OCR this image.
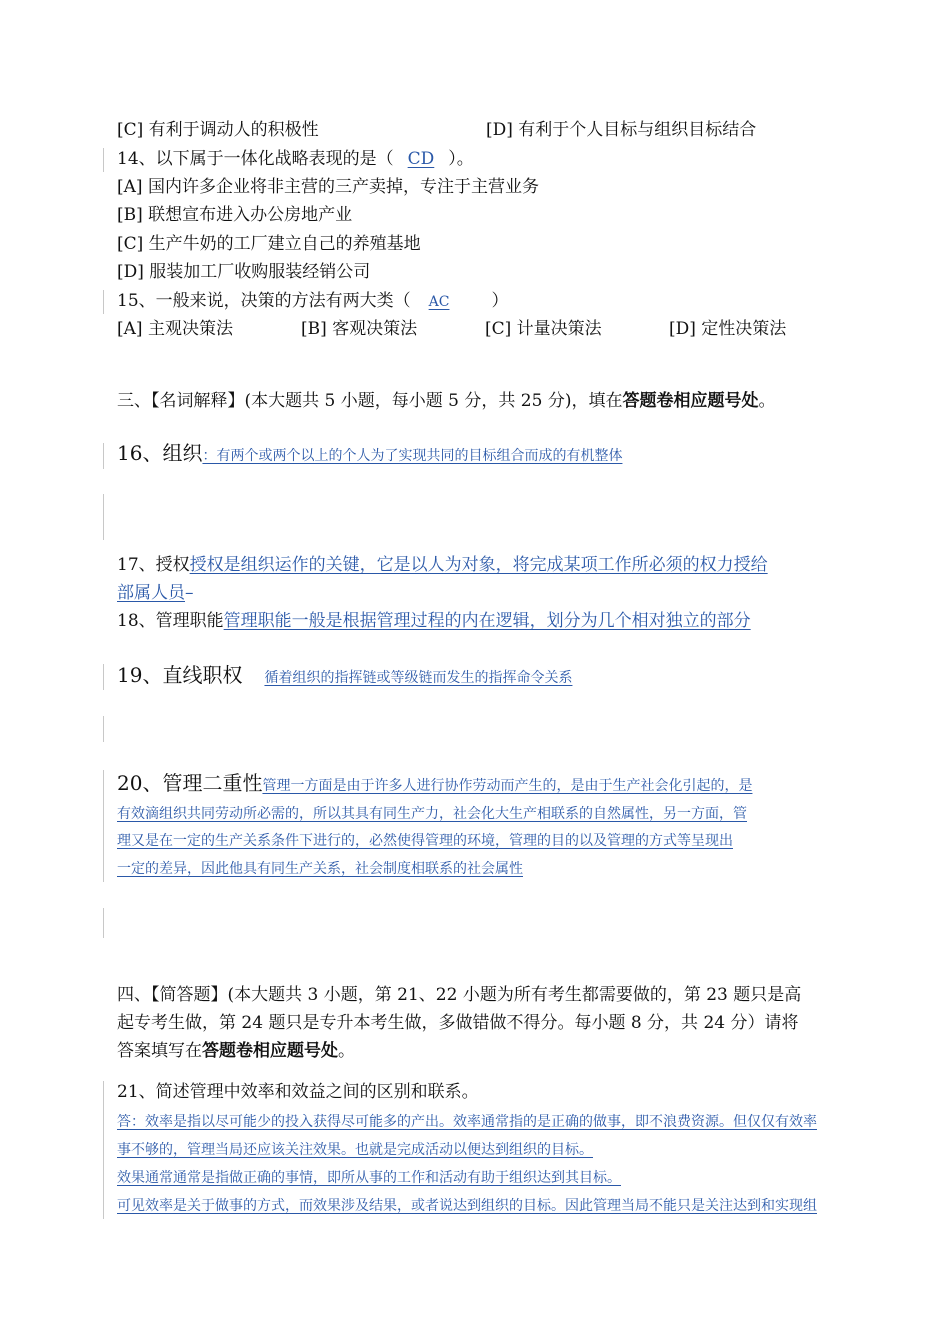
[C] 有利于调动人的积极性	[D] 有利于个人目标与组织目标结合
14、以下属于一体化战略表现的是（ CD ）。
[A] 国内许多企业将非主营的三产卖掉，专注于主营业务
[B] 联想宣布进入办公房地产业
[C] 生产牛奶的工厂建立自己的养殖基地
[D] 服装加工厂收购服装经销公司
15、一般来说，决策的方法有两大类（ AC ）
[A] 主观决策法	[B] 客观决策法	[C] 计量决策法	[D] 定性决策法
三、【名词解释】(本大题共 5 小题，每小题 5 分，共 25 分)，填在答题卷相应题号处。
16、组织：有两个或两个以上的个人为了实现共同的目标组合而成的有机整体
17、授权授权是组织运作的关键，它是以人为对象，将完成某项工作所必须的权力授给
部属人员–
18、管理职能管理职能一般是根据管理过程的内在逻辑，划分为几个相对独立的部分
19、直线职权 循着组织的指挥链或等级链而发生的指挥命令关系
20、管理二重性管理一方面是由于许多人进行协作劳动而产生的，是由于生产社会化引起的，是
有效滴组织共同劳动所必需的，所以其具有同生产力，社会化大生产相联系的自然属性，另一方面，管
理又是在一定的生产关系条件下进行的，必然使得管理的环境，管理的目的以及管理的方式等呈现出
一定的差异，因此他具有同生产关系，社会制度相联系的社会属性
四、【简答题】(本大题共 3 小题，第 21、22 小题为所有考生都需要做的，第 23 题只是高
起专考生做，第 24 题只是专升本考生做，多做错做不得分。每小题 8 分，共 24 分）请将
答案填写在答题卷相应题号处。
21、简述管理中效率和效益之间的区别和联系。
答：效率是指以尽可能少的投入获得尽可能多的产出。效率通常指的是正确的做事，即不浪费资源。但仅仅有效率
事不够的，管理当局还应该关注效果。也就是完成活动以便达到组织的目标。
效果通常通常是指做正确的事情，即所从事的工作和活动有助于组织达到其目标。
可见效率是关于做事的方式，而效果涉及结果，或者说达到组织的目标。因此管理当局不能只是关注达到和实现组
